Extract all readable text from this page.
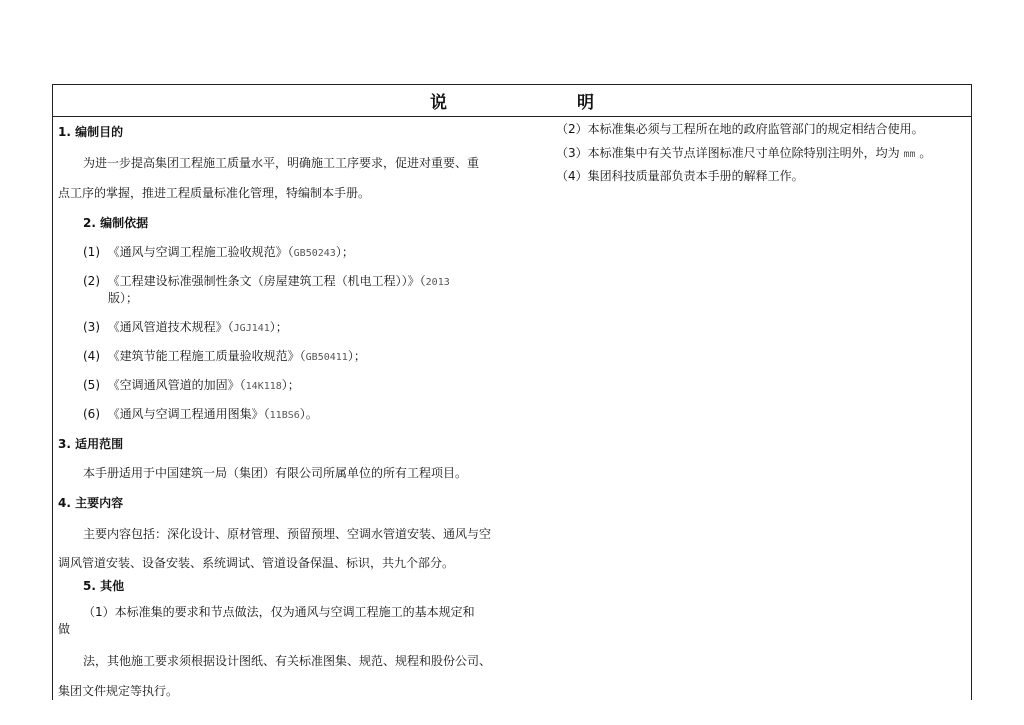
说 明
1. 编制目的
为进一步提高集团工程施工质量水平，明确施工工序要求，促进对重要、重
点工序的掌握，推进工程质量标准化管理，特编制本手册。
2. 编制依据
(1) 《通风与空调工程施工验收规范》（GB50243）；
(2) 《工程建设标准强制性条文（房屋建筑工程（机电工程））》（2013
版）；
(3) 《通风管道技术规程》（JGJ141）；
(4) 《建筑节能工程施工质量验收规范》（GB50411）；
(5) 《空调通风管道的加固》（14K118）；
(6) 《通风与空调工程通用图集》（11BS6）。
3. 适用范围
本手册适用于中国建筑一局（集团）有限公司所属单位的所有工程项目。
4. 主要内容
主要内容包括：深化设计、原材管理、预留预埋、空调水管道安装、通风与空
调风管道安装、设备安装、系统调试、管道设备保温、标识，共九个部分。
5. 其他
（1）本标准集的要求和节点做法，仅为通风与空调工程施工的基本规定和
做
法，其他施工要求须根据设计图纸、有关标准图集、规范、规程和股份公司、
集团文件规定等执行。
（2）本标准集必须与工程所在地的政府监管部门的规定相结合使用。
（3）本标准集中有关节点详图标准尺寸单位除特别注明外，均为 mm 。
（4）集团科技质量部负责本手册的解释工作。
